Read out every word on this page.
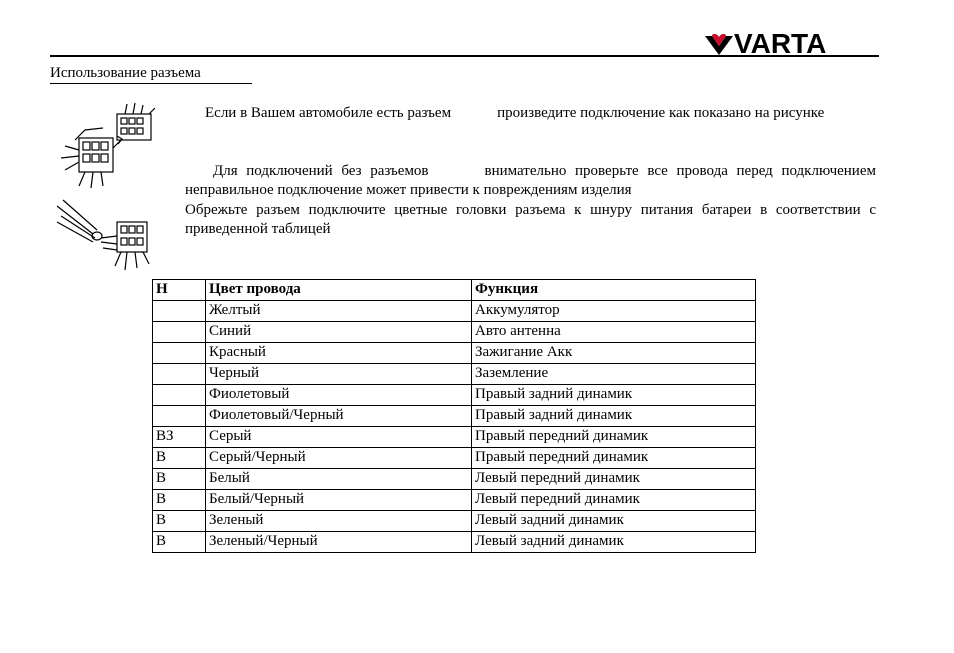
VARTA
Использование разъема
Если в Вашем автомобиле есть разъем	произведите подключение как показано на рисунке
Для подключений без разъемов	внимательно проверьте все провода перед подключением неправильное подключение может привести к повреждениям изделия
Обрежьте разъем подключите цветные головки разъема к шнуру питания батареи в соответствии с приведенной таблицей
Н	Цвет провода	Функция
	Желтый	Аккумулятор
	Синий	Авто антенна
	Красный	Зажигание Акк
	Черный	Заземление
	Фиолетовый	Правый задний динамик
	Фиолетовый/Черный	Правый задний динамик
ВЗ	Серый	Правый передний динамик
В	Серый/Черный	Правый передний динамик
В	Белый	Левый передний динамик
В	Белый/Черный	Левый передний динамик
В	Зеленый	Левый задний динамик
В	Зеленый/Черный	Левый задний динамик
